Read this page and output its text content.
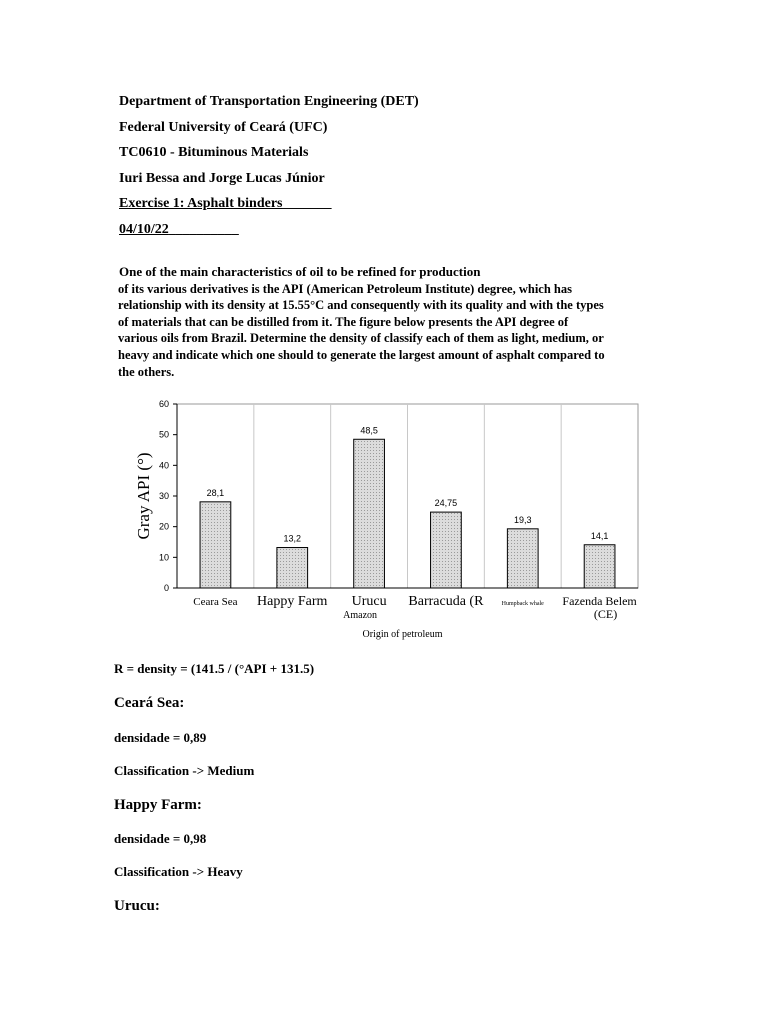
Department of Transportation Engineering (DET)
Federal University of Ceará (UFC)
TC0610 - Bituminous Materials
Iuri Bessa and Jorge Lucas Júnior
Exercise 1: Asphalt binders_______
04/10/22__________
One of the main characteristics of oil to be refined for production
of its various derivatives is the API (American Petroleum Institute) degree, which has relationship with its density at 15.55°C and consequently with its quality and with the types of materials that can be distilled from it. The figure below presents the API degree of various oils from Brazil. Determine the density of classify each of them as light, medium, or heavy and indicate which one should to generate the largest amount of asphalt compared to the others.
0
10
20
30
40
50
60
Gray API (°)	28,1
13,2
48,5
24,75
19,3
14,1
Ceara Sea Happy Farm Urucu
Amazon
Barracuda (R	Humpback whale Fazenda Belem
(CE)
Origin of petroleum
R = density = (141.5 / (°API + 131.5)
Ceará Sea:
densidade = 0,89
Classification -> Medium
Happy Farm:
densidade = 0,98
Classification -> Heavy
Urucu:
